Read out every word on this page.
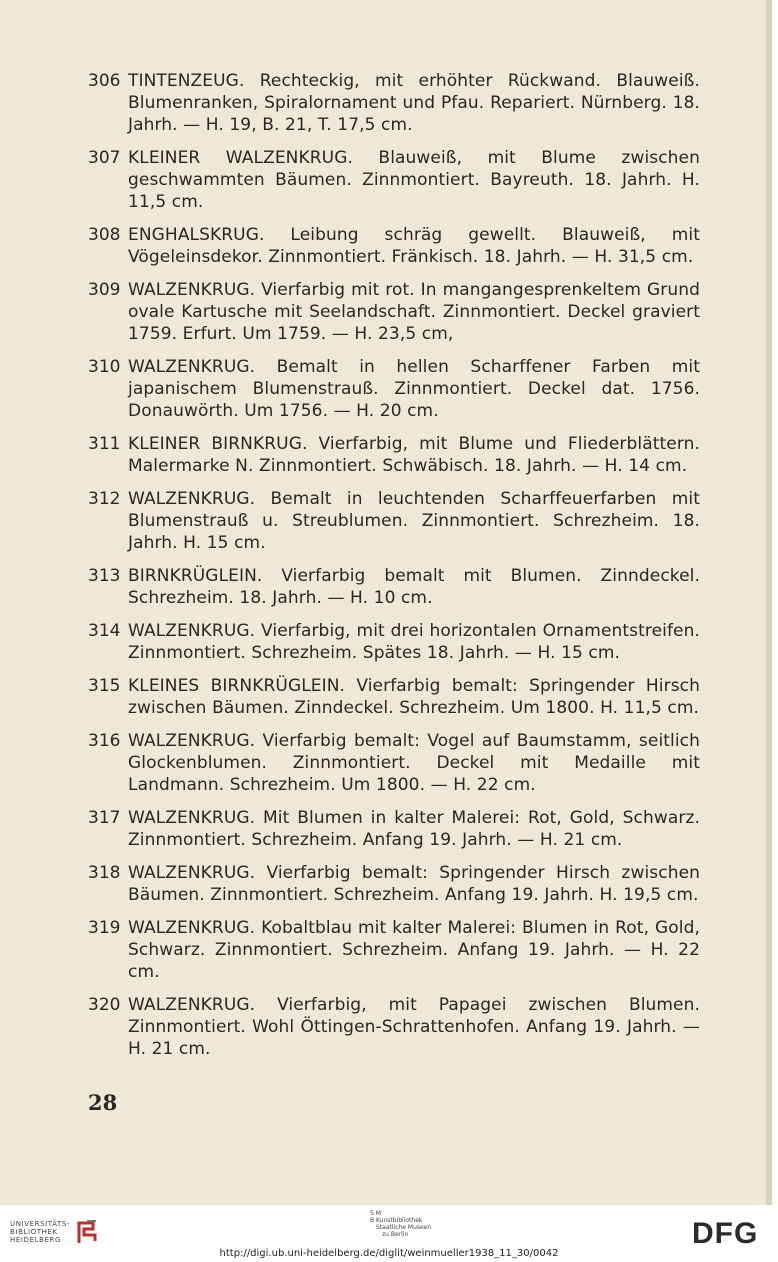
306 TINTENZEUG. Rechteckig, mit erhöhter Rückwand. Blauweiß. Blumenranken, Spiralornament und Pfau. Repariert. Nürnberg. 18. Jahrh. — H. 19, B. 21, T. 17,5 cm.
307 KLEINER WALZENKRUG. Blauweiß, mit Blume zwischen geschwammten Bäumen. Zinnmontiert. Bayreuth. 18. Jahrh. H. 11,5 cm.
308 ENGHALSKRUG. Leibung schräg gewellt. Blauweiß, mit Vögeleinsdekor. Zinnmontiert. Fränkisch. 18. Jahrh. — H. 31,5 cm.
309 WALZENKRUG. Vierfarbig mit rot. In mangangesprenkeltem Grund ovale Kartusche mit Seelandschaft. Zinnmontiert. Deckel graviert 1759. Erfurt. Um 1759. — H. 23,5 cm,
310 WALZENKRUG. Bemalt in hellen Scharffener Farben mit japanischem Blumenstrauß. Zinnmontiert. Deckel dat. 1756. Donauwörth. Um 1756. — H. 20 cm.
311 KLEINER BIRNKRUG. Vierfarbig, mit Blume und Fliederblättern. Malermarke N. Zinnmontiert. Schwäbisch. 18. Jahrh. — H. 14 cm.
312 WALZENKRUG. Bemalt in leuchtenden Scharffeuerfarben mit Blumenstrauß u. Streublumen. Zinnmontiert. Schrezheim. 18. Jahrh. H. 15 cm.
313 BIRNKRÜGLEIN. Vierfarbig bemalt mit Blumen. Zinndeckel. Schrezheim. 18. Jahrh. — H. 10 cm.
314 WALZENKRUG. Vierfarbig, mit drei horizontalen Ornamentstreifen. Zinnmontiert. Schrezheim. Spätes 18. Jahrh. — H. 15 cm.
315 KLEINES BIRNKRÜGLEIN. Vierfarbig bemalt: Springender Hirsch zwischen Bäumen. Zinndeckel. Schrezheim. Um 1800. H. 11,5 cm.
316 WALZENKRUG. Vierfarbig bemalt: Vogel auf Baumstamm, seitlich Glockenblumen. Zinnmontiert. Deckel mit Medaille mit Landmann. Schrezheim. Um 1800. — H. 22 cm.
317 WALZENKRUG. Mit Blumen in kalter Malerei: Rot, Gold, Schwarz. Zinnmontiert. Schrezheim. Anfang 19. Jahrh. — H. 21 cm.
318 WALZENKRUG. Vierfarbig bemalt: Springender Hirsch zwischen Bäumen. Zinnmontiert. Schrezheim. Anfang 19. Jahrh. H. 19,5 cm.
319 WALZENKRUG. Kobaltblau mit kalter Malerei: Blumen in Rot, Gold, Schwarz. Zinnmontiert. Schrezheim. Anfang 19. Jahrh. — H. 22 cm.
320 WALZENKRUG. Vierfarbig, mit Papagei zwischen Blumen. Zinnmontiert. Wohl Öttingen-Schrattenhofen. Anfang 19. Jahrh. — H. 21 cm.
28
UNIVERSITÄTS-
BIBLIOTHEK
HEIDELBERG
S M
B Kunstbibliothek
Staatliche Museen
zu Berlin	DFG
http://digi.ub.uni-heidelberg.de/diglit/weinmueller1938_11_30/0042
